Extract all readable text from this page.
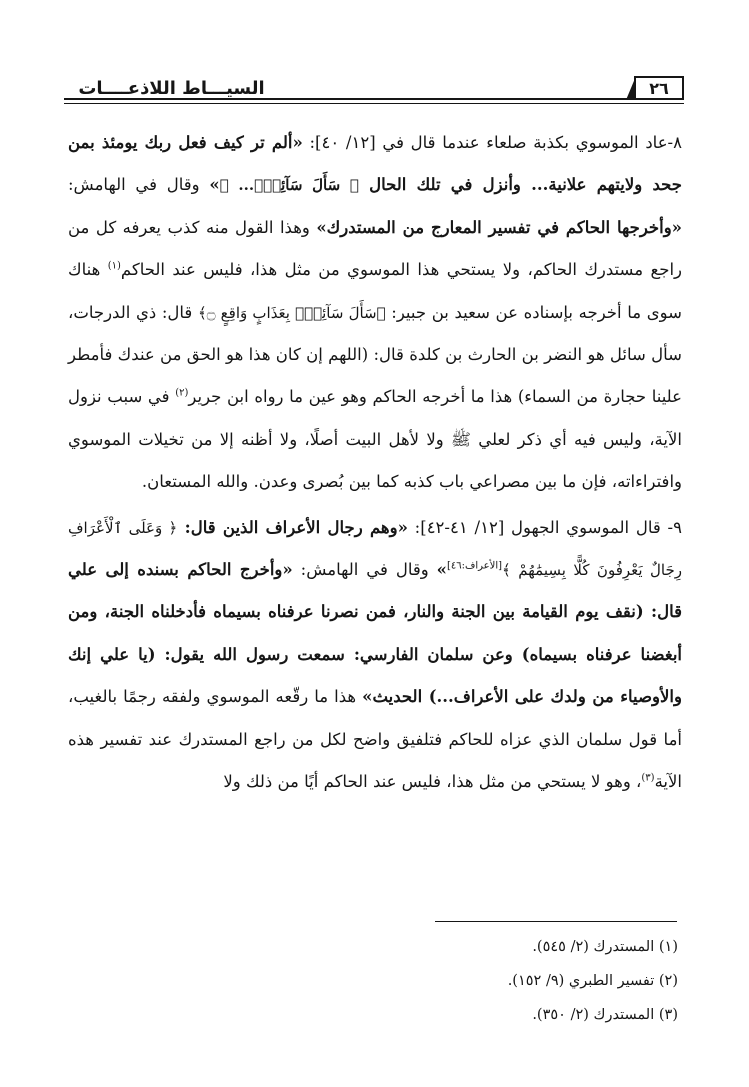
٢٦
السيـــاط اللاذعــــات

٨-عاد الموسوي بكذبة صلعاء عندما قال في [١٢/ ٤٠]: «ألم تر كيف فعل ربك يومئذ بمن جحد ولايتهم علانية... وأنزل في تلك الحال ﴿ سَأَلَ سَآئِلُۢ... ﴾» وقال في الهامش: «وأخرجها الحاكم في تفسير المعارج من المستدرك» وهذا القول منه كذب يعرفه كل من راجع مستدرك الحاكم، ولا يستحي هذا الموسوي من مثل هذا، فليس عند الحاكم$^{(١)}$ هناك سوى ما أخرجه بإسناده عن سعيد بن جبير: ﴿سَأَلَ سَآئِلُۢ بِعَذَابٍ وَاقِعٍ ۝﴾ قال: ذي الدرجات، سأل سائل هو النضر بن الحارث بن كلدة قال: (اللهم إن كان هذا هو الحق من عندك فأمطر علينا حجارة من السماء) هذا ما أخرجه الحاكم وهو عين ما رواه ابن جرير$^{(٢)}$ في سبب نزول الآية، وليس فيه أي ذكر لعلي ﷺ ولا لأهل البيت أصلًا، ولا أظنه إلا من تخيلات الموسوي وافتراءاته، فإن ما بين مصراعي باب كذبه كما بين بُصرى وعدن. والله المستعان.

٩- قال الموسوي الجهول [١٢/ ٤١-٤٢]: «وهم رجال الأعراف الذين قال: ﴿ وَعَلَى ٱلْأَعْرَافِ رِجَالٌ يَعْرِفُونَ كُلًّا بِسِيمَٰهُمْ ﴾[الأعراف:٤٦]» وقال في الهامش: «وأخرج الحاكم بسنده إلى علي قال: (نقف يوم القيامة بين الجنة والنار، فمن نصرنا عرفناه بسيماه فأدخلناه الجنة، ومن أبغضنا عرفناه بسيماه) وعن سلمان الفارسي: سمعت رسول الله يقول: (يا علي إنك والأوصياء من ولدك على الأعراف...) الحديث» هذا ما رقّعه الموسوي ولفقه رجمًا بالغيب، أما قول سلمان الذي عزاه للحاكم فتلفيق واضح لكل من راجع المستدرك عند تفسير هذه الآية$^{(٣)}$، وهو لا يستحي من مثل هذا، فليس عند الحاكم أيًا من ذلك ولا

(١) المستدرك (٢/ ٥٤٥).
(٢) تفسير الطبري (٩/ ١٥٢).
(٣) المستدرك (٢/ ٣٥٠).
